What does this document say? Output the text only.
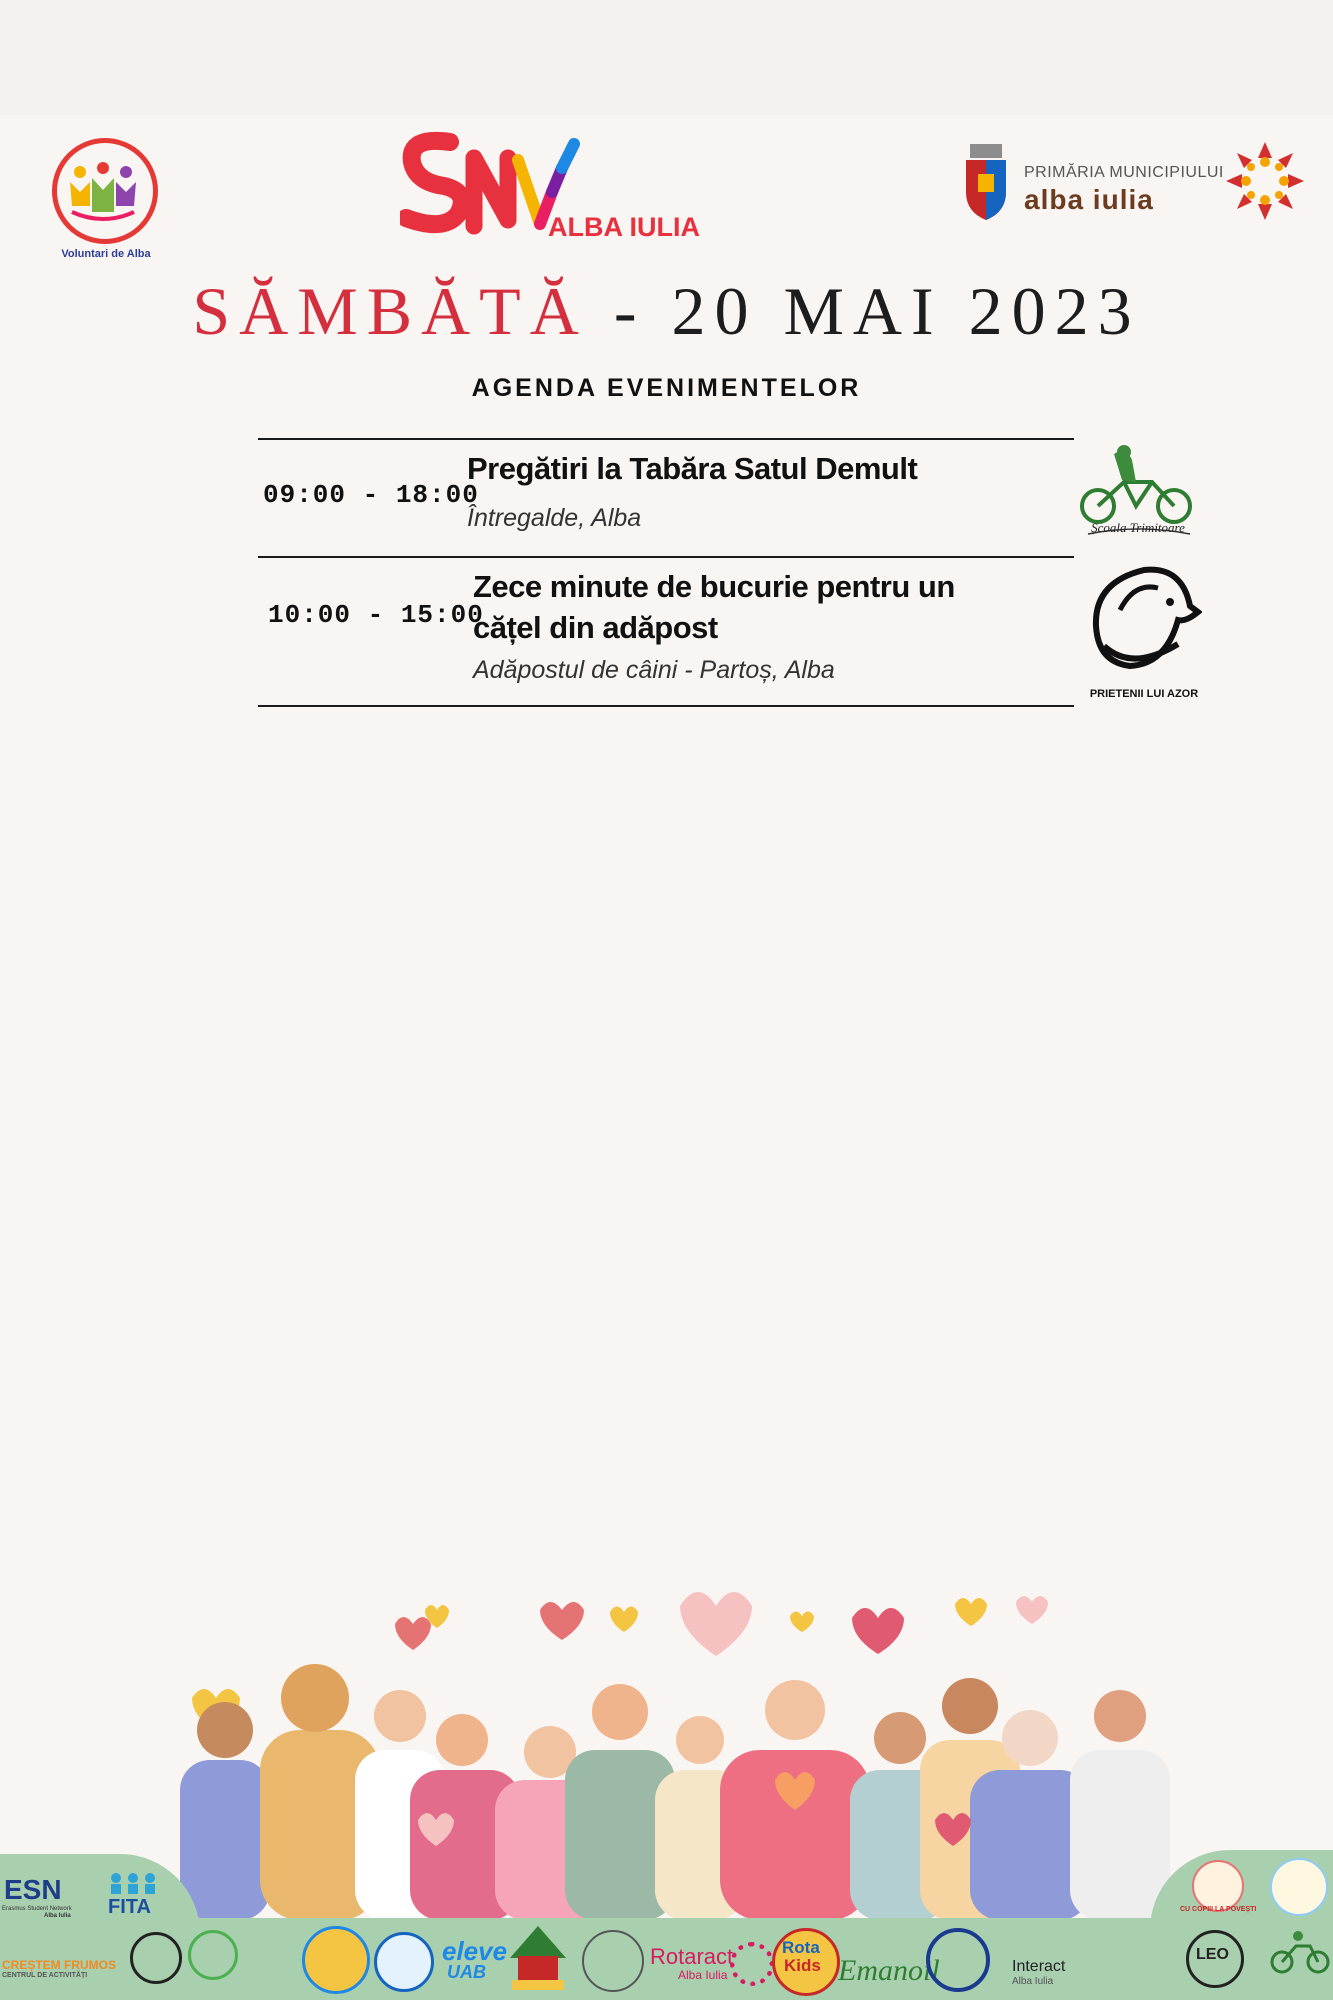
Voluntari de Alba
ALBA IULIA
PRIMĂRIA MUNICIPIULUI
alba iulia
SĂMBĂTĂ - 20 MAI 2023
AGENDA EVENIMENTELOR
09:00 - 18:00
Pregătiri la Tabăra Satul Demult
Întregalde, Alba	Școala Trimitoare
10:00 - 15:00
Zece minute de bucurie pentru un
cățel din adăpost
Adăpostul de câini - Partoș, Alba
PRIETENII LUI AZOR
ESN
Erasmus Student Network
Alba Iulia FITA
CREȘTEM FRUMOS
CENTRUL DE ACTIVITĂȚI
eleve
UAB
Rotaract
Alba Iulia
Rota
Kids Emanoil	Interact
Alba Iulia
LEO
CU COPIII LA POVEȘTI
